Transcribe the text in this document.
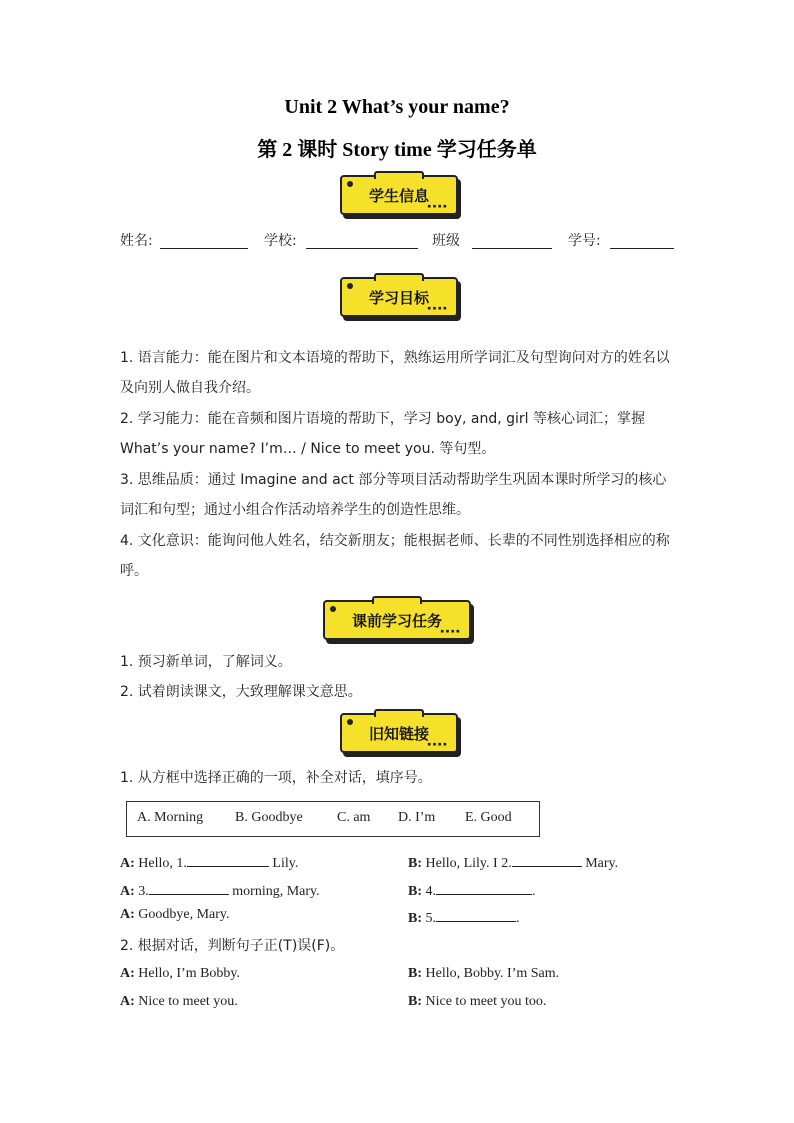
Unit 2 What’s your name?
第 2 课时 Story time 学习任务单
学生信息
▪▪▪▪
姓名:	学校:	班级	学号:
学习目标
▪▪▪▪
1. 语言能力：能在图片和文本语境的帮助下，熟练运用所学词汇及句型询问对方的姓名以及向别人做自我介绍。
2. 学习能力：能在音频和图片语境的帮助下，学习 boy, and, girl 等核心词汇；掌握 What’s your name? I’m… / Nice to meet you. 等句型。
3. 思维品质：通过 Imagine and act 部分等项目活动帮助学生巩固本课时所学习的核心词汇和句型；通过小组合作活动培养学生的创造性思维。
4. 文化意识：能询问他人姓名，结交新朋友；能根据老师、长辈的不同性别选择相应的称呼。
课前学习任务
▪▪▪▪
1. 预习新单词，了解词义。
2. 试着朗读课文，大致理解课文意思。
旧知链接
▪▪▪▪
1. 从方框中选择正确的一项，补全对话，填序号。
A. Morning B. Goodbye C. am D. I’m E. Good
A: Hello, 1.	Lily.	B: Hello, Lily. I 2.	Mary.
A: 3.	morning, Mary.	B: 4.	.
A: Goodbye, Mary.	B: 5.	.
2. 根据对话，判断句子正(T)误(F)。
A: Hello, I’m Bobby.	B: Hello, Bobby. I’m Sam.
A: Nice to meet you.	B: Nice to meet you too.
